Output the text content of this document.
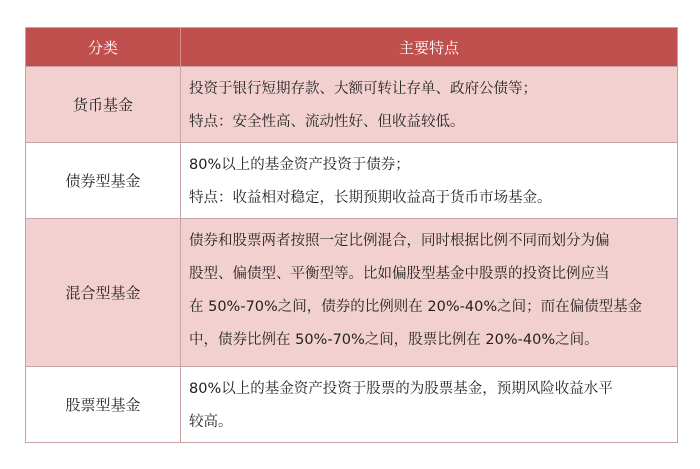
分类	主要特点
货币基金
投资于银行短期存款、大额可转让存单、政府公债等；
特点：安全性高、流动性好、但收益较低。
债券型基金
80%以上的基金资产投资于债券；
特点：收益相对稳定，长期预期收益高于货币市场基金。
混合型基金
债券和股票两者按照一定比例混合，同时根据比例不同而划分为偏
股型、偏债型、平衡型等。比如偏股型基金中股票的投资比例应当
在 50%-70%之间，债券的比例则在 20%-40%之间；而在偏债型基金
中，债券比例在 50%-70%之间，股票比例在 20%-40%之间。
股票型基金
80%以上的基金资产投资于股票的为股票基金，预期风险收益水平
较高。
